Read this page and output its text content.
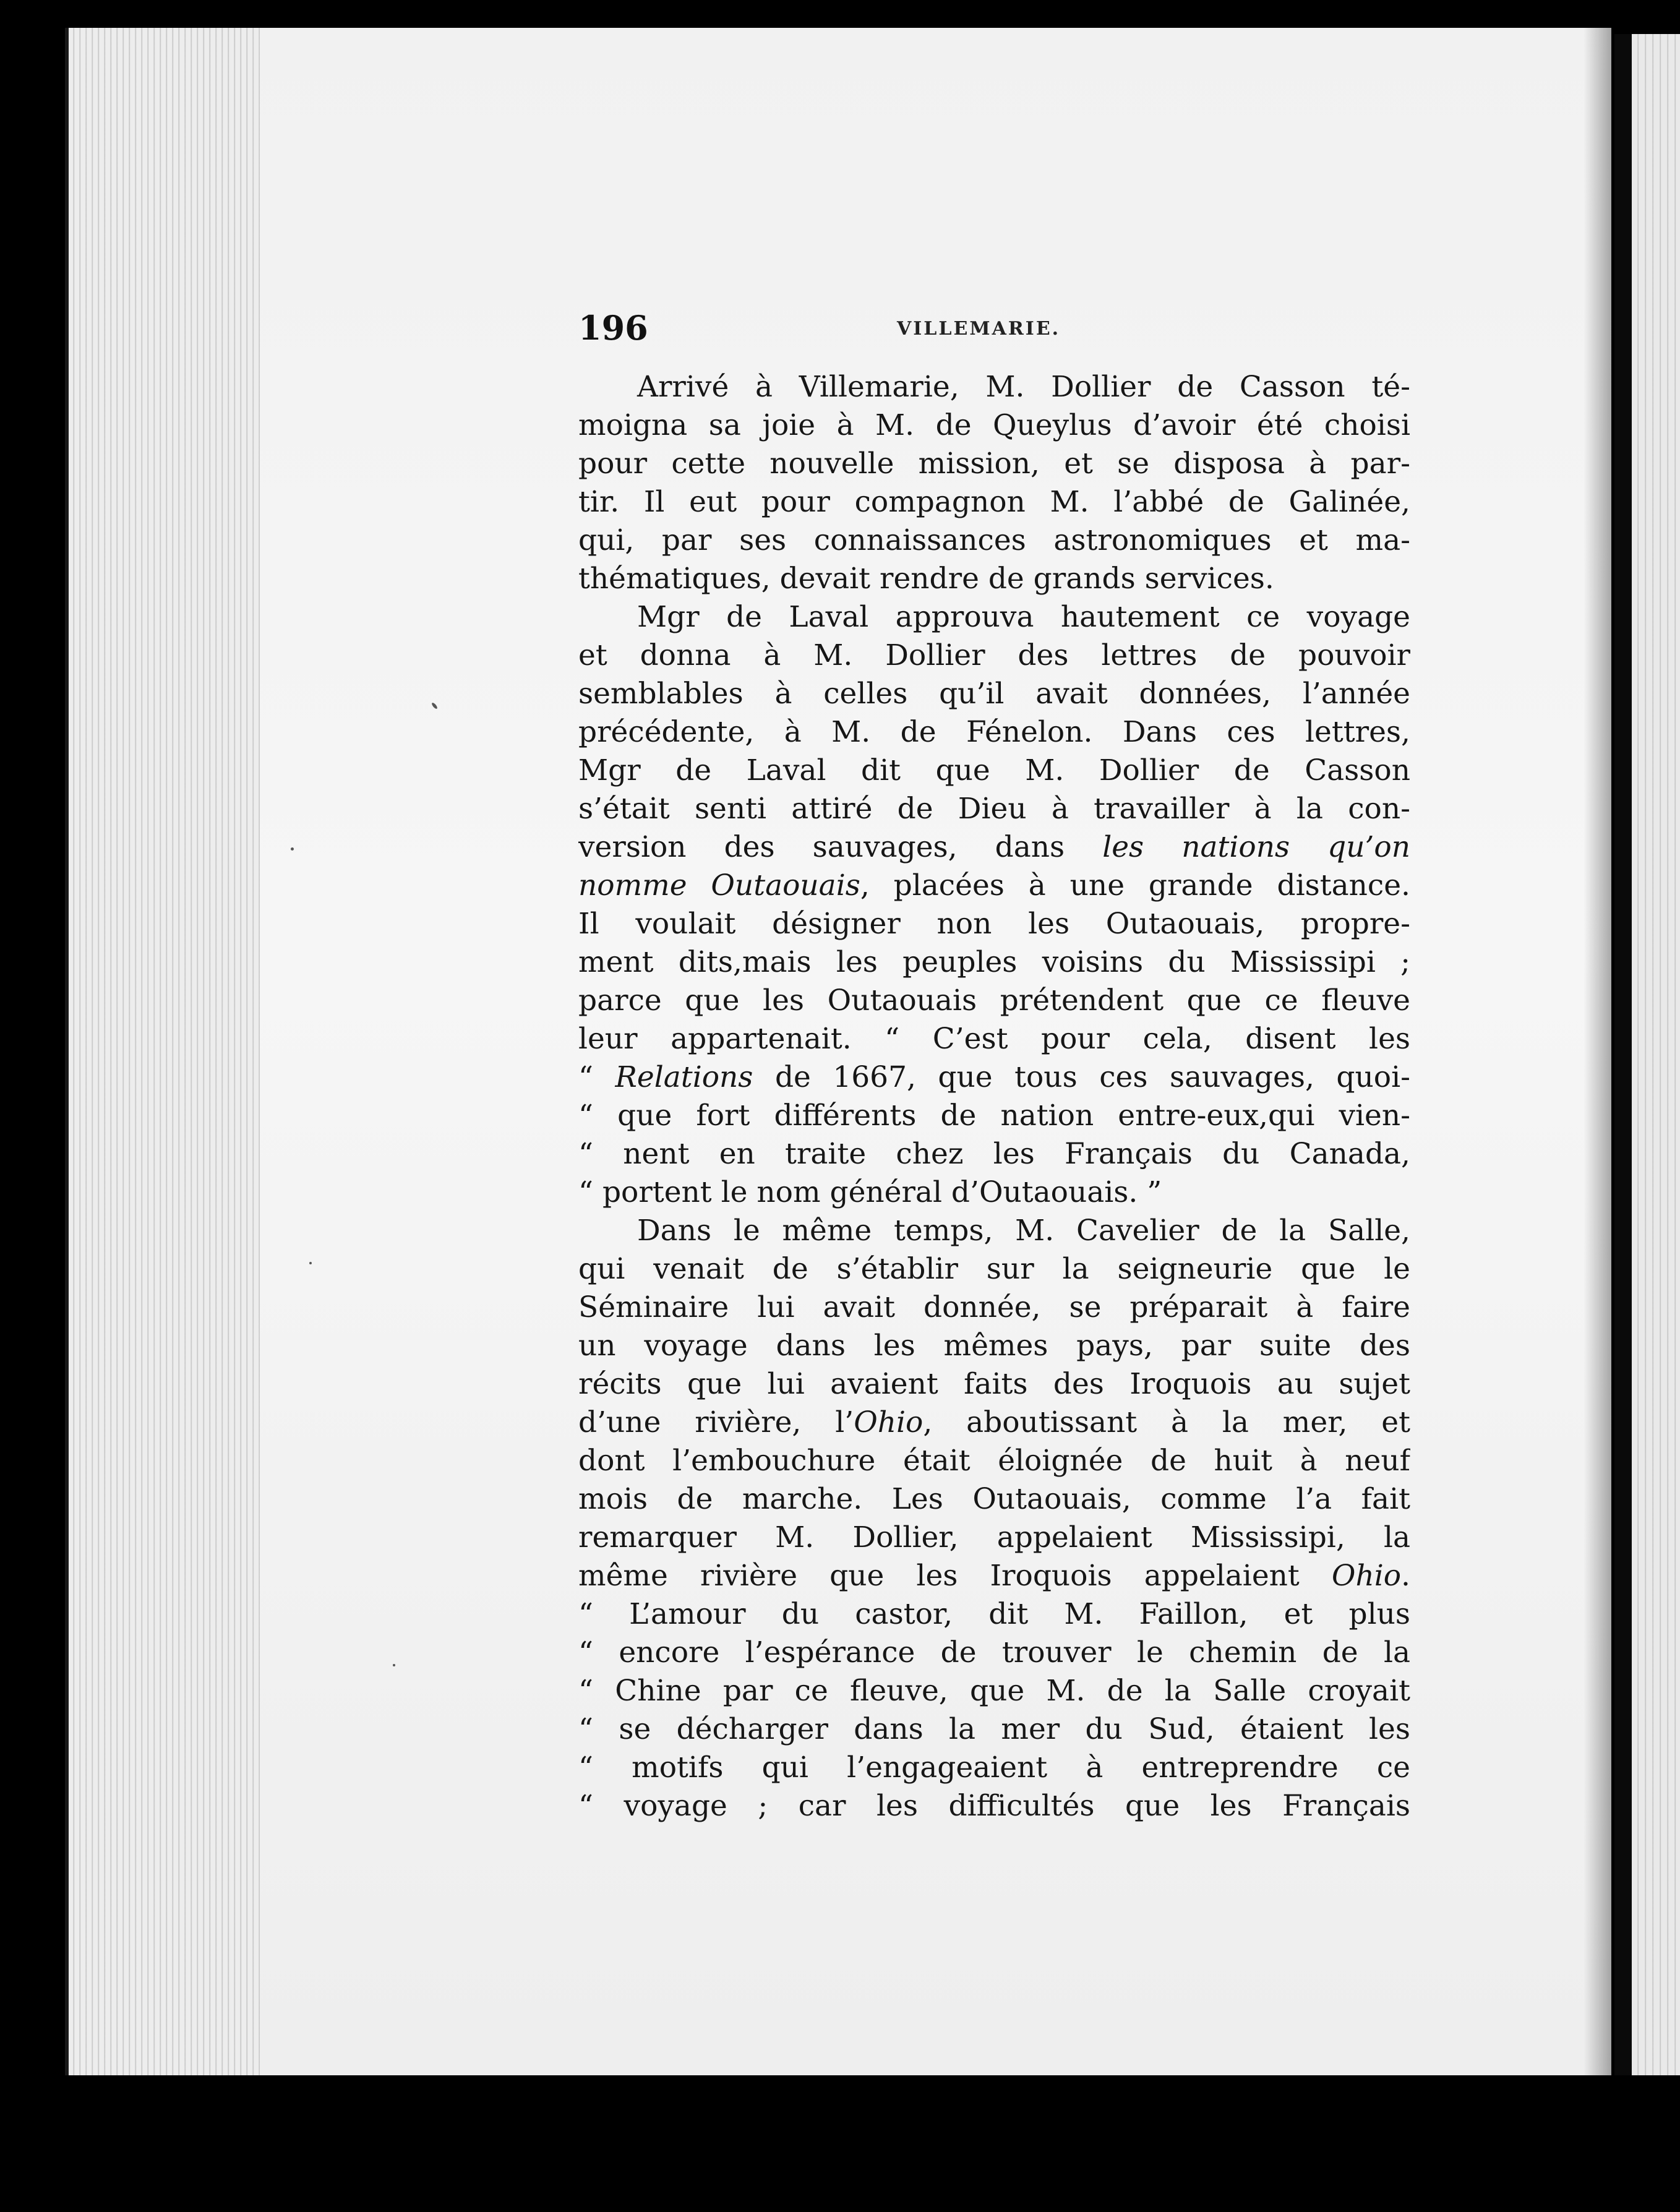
196	VILLEMARIE.
Arrivé à Villemarie, M. Dollier de Casson té-
moigna sa joie à M. de Queylus d’avoir été choisi
pour cette nouvelle mission, et se disposa à par-
tir. Il eut pour compagnon M. l’abbé de Galinée,
qui, par ses connaissances astronomiques et ma-
thématiques, devait rendre de grands services.
Mgr de Laval approuva hautement ce voyage
et donna à M. Dollier des lettres de pouvoir
semblables à celles qu’il avait données, l’année
précédente, à M. de Fénelon. Dans ces lettres,
Mgr de Laval dit que M. Dollier de Casson
s’était senti attiré de Dieu à travailler à la con-
version des sauvages, dans les nations qu’on
nomme Outaouais, placées à une grande distance.
Il voulait désigner non les Outaouais, propre-
ment dits,mais les peuples voisins du Mississipi ;
parce que les Outaouais prétendent que ce fleuve
leur appartenait. “ C’est pour cela, disent les
“ Relations de 1667, que tous ces sauvages, quoi-
“ que fort différents de nation entre-eux,qui vien-
“ nent en traite chez les Français du Canada,
“ portent le nom général d’Outaouais. ”
Dans le même temps, M. Cavelier de la Salle,
qui venait de s’établir sur la seigneurie que le
Séminaire lui avait donnée, se préparait à faire
un voyage dans les mêmes pays, par suite des
récits que lui avaient faits des Iroquois au sujet
d’une rivière, l’Ohio, aboutissant à la mer, et
dont l’embouchure était éloignée de huit à neuf
mois de marche. Les Outaouais, comme l’a fait
remarquer M. Dollier, appelaient Mississipi, la
même rivière que les Iroquois appelaient Ohio.
“ L’amour du castor, dit M. Faillon, et plus
“ encore l’espérance de trouver le chemin de la
“ Chine par ce fleuve, que M. de la Salle croyait
“ se décharger dans la mer du Sud, étaient les
“ motifs qui l’engageaient à entreprendre ce
“ voyage ; car les difficultés que les Français
